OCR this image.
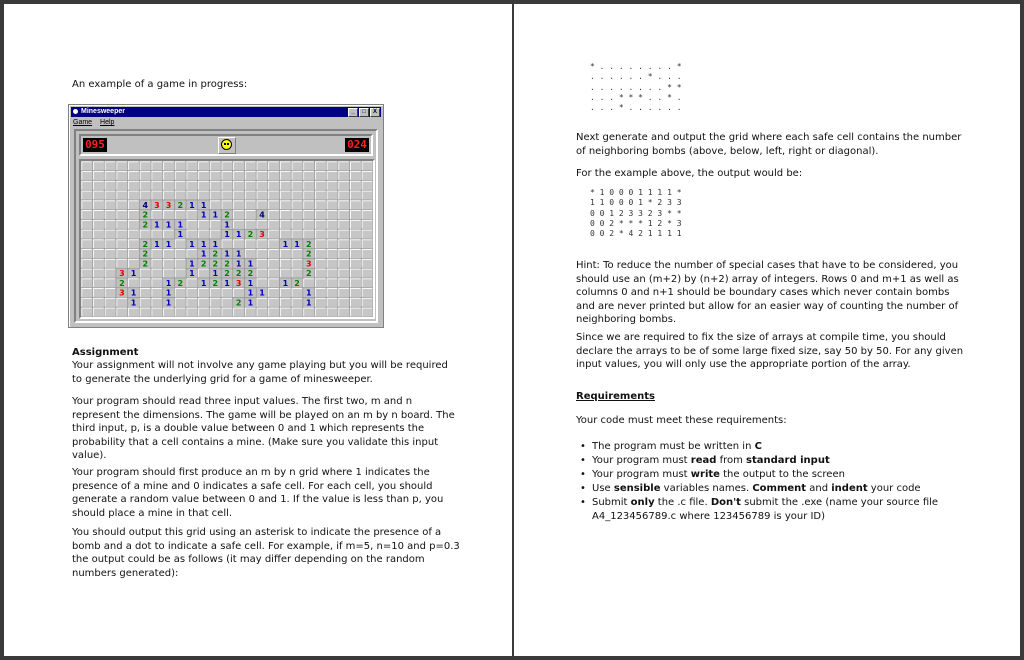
An example of a game in progress:

Minesweeper	_	□	X
Game Help
095	024
4 3 3 2 1 1
2	1 1 2	4
2 1 1 1	1
1	1 1 2 3
2 1 1 1 1 1	1 1 2
2	1 2 1 1	2
2	1 2 2 2 1 1	3
3 1	1 1 2 2 2	2
2	1 2 1 2 1 3 1	1 2
3 1	1	1 1	1
1	1	2 1	1

Assignment

Your assignment will not involve any game playing but you will be required to generate the underlying grid for a game of minesweeper.

Your program should read three input values. The first two, m and n represent the dimensions. The game will be played on an m by n board. The third input, p, is a double value between 0 and 1 which represents the probability that a cell contains a mine. (Make sure you validate this input value).

Your program should first produce an m by n grid where 1 indicates the presence of a mine and 0 indicates a safe cell. For each cell, you should generate a random value between 0 and 1. If the value is less than p, you should place a mine in that cell.

You should output this grid using an asterisk to indicate the presence of a bomb and a dot to indicate a safe cell. For example, if m=5, n=10 and p=0.3 the output could be as follows (it may differ depending on the random numbers generated):

* . . . . . . . . *
. . . . . . * . . .
. . . . . . . . * *
. . . * * * . . * .
. . . * . . . . . .

Next generate and output the grid where each safe cell contains the number of neighboring bombs (above, below, left, right or diagonal).

For the example above, the output would be:

* 1 0 0 0 1 1 1 1 *
1 1 0 0 0 1 * 2 3 3
0 0 1 2 3 3 2 3 * *
0 0 2 * * * 1 2 * 3
0 0 2 * 4 2 1 1 1 1

Hint: To reduce the number of special cases that have to be considered, you should use an (m+2) by (n+2) array of integers. Rows 0 and m+1 as well as columns 0 and n+1 should be boundary cases which never contain bombs and are never printed but allow for an easier way of counting the number of neighboring bombs.

Since we are required to fix the size of arrays at compile time, you should declare the arrays to be of some large fixed size, say 50 by 50. For any given input values, you will only use the appropriate portion of the array.

Requirements

Your code must meet these requirements:

• The program must be written in C
• Your program must read from standard input
• Your program must write the output to the screen
• Use sensible variables names. Comment and indent your code
• Submit only the .c file. Don't submit the .exe (name your source file A4_123456789.c where 123456789 is your ID)
